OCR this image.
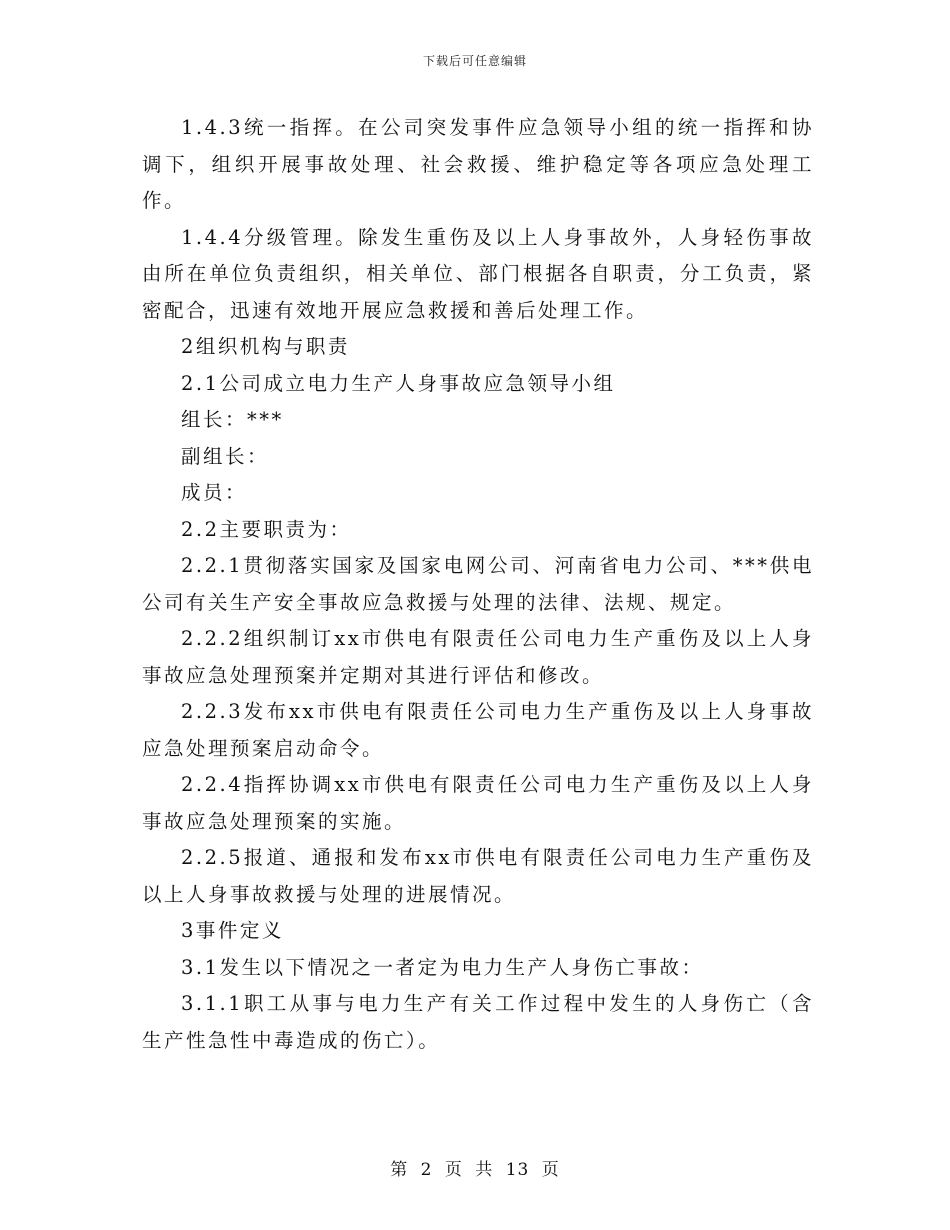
下载后可任意编辑

1.4.3统一指挥。在公司突发事件应急领导小组的统一指挥和协调下，组织开展事故处理、社会救援、维护稳定等各项应急处理工作。

1.4.4分级管理。除发生重伤及以上人身事故外，人身轻伤事故由所在单位负责组织，相关单位、部门根据各自职责，分工负责，紧密配合，迅速有效地开展应急救援和善后处理工作。

2组织机构与职责

2.1公司成立电力生产人身事故应急领导小组

组长：***

副组长：

成员：

2.2主要职责为：

2.2.1贯彻落实国家及国家电网公司、河南省电力公司、***供电公司有关生产安全事故应急救援与处理的法律、法规、规定。

2.2.2组织制订xx市供电有限责任公司电力生产重伤及以上人身事故应急处理预案并定期对其进行评估和修改。

2.2.3发布xx市供电有限责任公司电力生产重伤及以上人身事故应急处理预案启动命令。

2.2.4指挥协调xx市供电有限责任公司电力生产重伤及以上人身事故应急处理预案的实施。

2.2.5报道、通报和发布xx市供电有限责任公司电力生产重伤及以上人身事故救援与处理的进展情况。

3事件定义

3.1发生以下情况之一者定为电力生产人身伤亡事故：

3.1.1职工从事与电力生产有关工作过程中发生的人身伤亡（含生产性急性中毒造成的伤亡）。

第 2 页 共 13 页
